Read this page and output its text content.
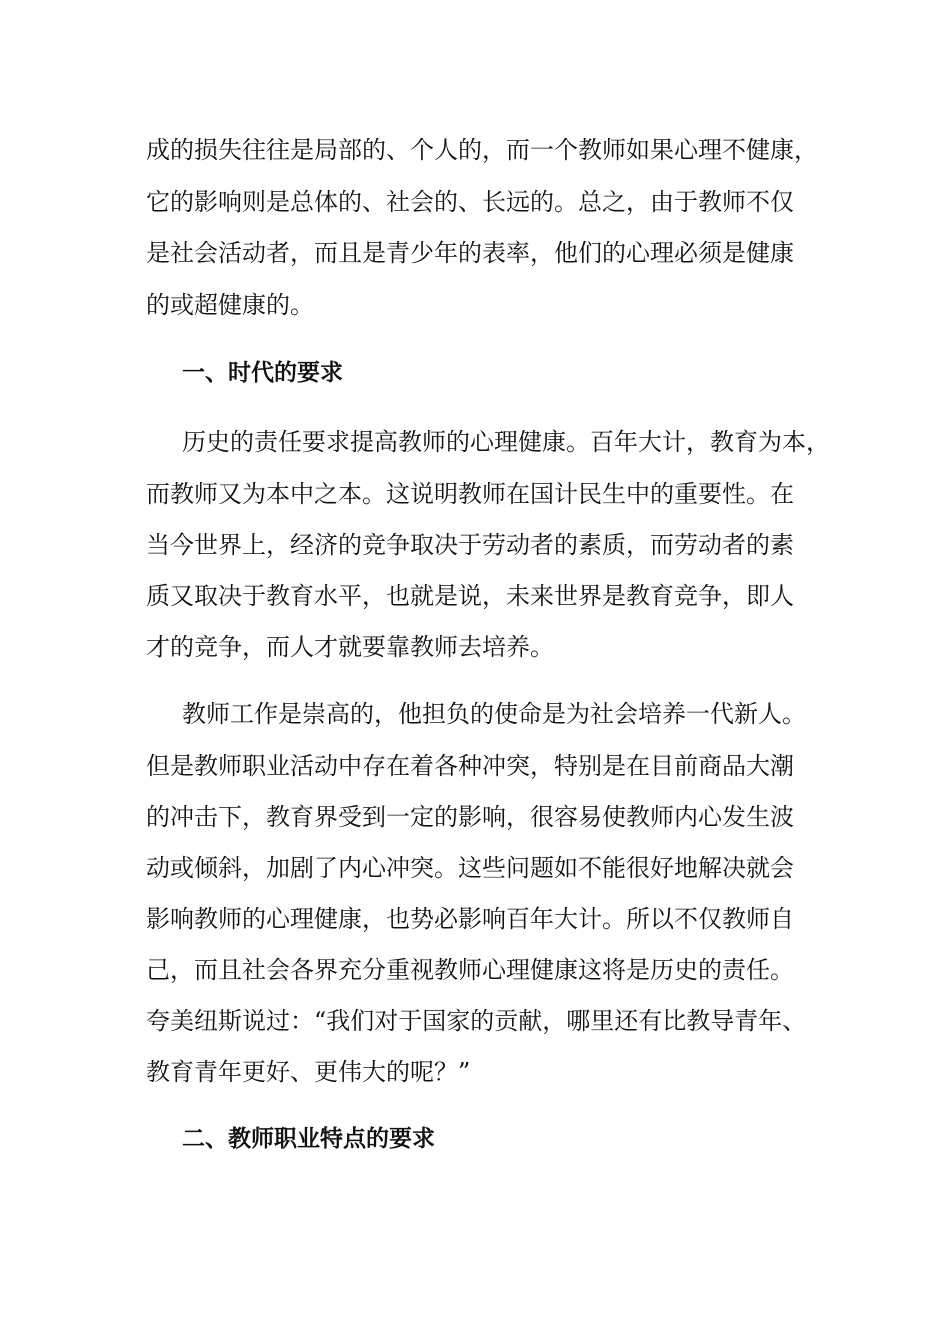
成的损失往往是局部的、个人的，而一个教师如果心理不健康，
它的影响则是总体的、社会的、长远的。总之，由于教师不仅
是社会活动者，而且是青少年的表率，他们的心理必须是健康
的或超健康的。
一、时代的要求
历史的责任要求提高教师的心理健康。百年大计，教育为本，
而教师又为本中之本。这说明教师在国计民生中的重要性。在
当今世界上，经济的竞争取决于劳动者的素质，而劳动者的素
质又取决于教育水平，也就是说，未来世界是教育竞争，即人
才的竞争，而人才就要靠教师去培养。
教师工作是崇高的，他担负的使命是为社会培养一代新人。
但是教师职业活动中存在着各种冲突，特别是在目前商品大潮
的冲击下，教育界受到一定的影响，很容易使教师内心发生波
动或倾斜，加剧了内心冲突。这些问题如不能很好地解决就会
影响教师的心理健康，也势必影响百年大计。所以不仅教师自
己，而且社会各界充分重视教师心理健康这将是历史的责任。
夸美纽斯说过：“我们对于国家的贡献，哪里还有比教导青年、
教育青年更好、更伟大的呢？”
二、教师职业特点的要求
